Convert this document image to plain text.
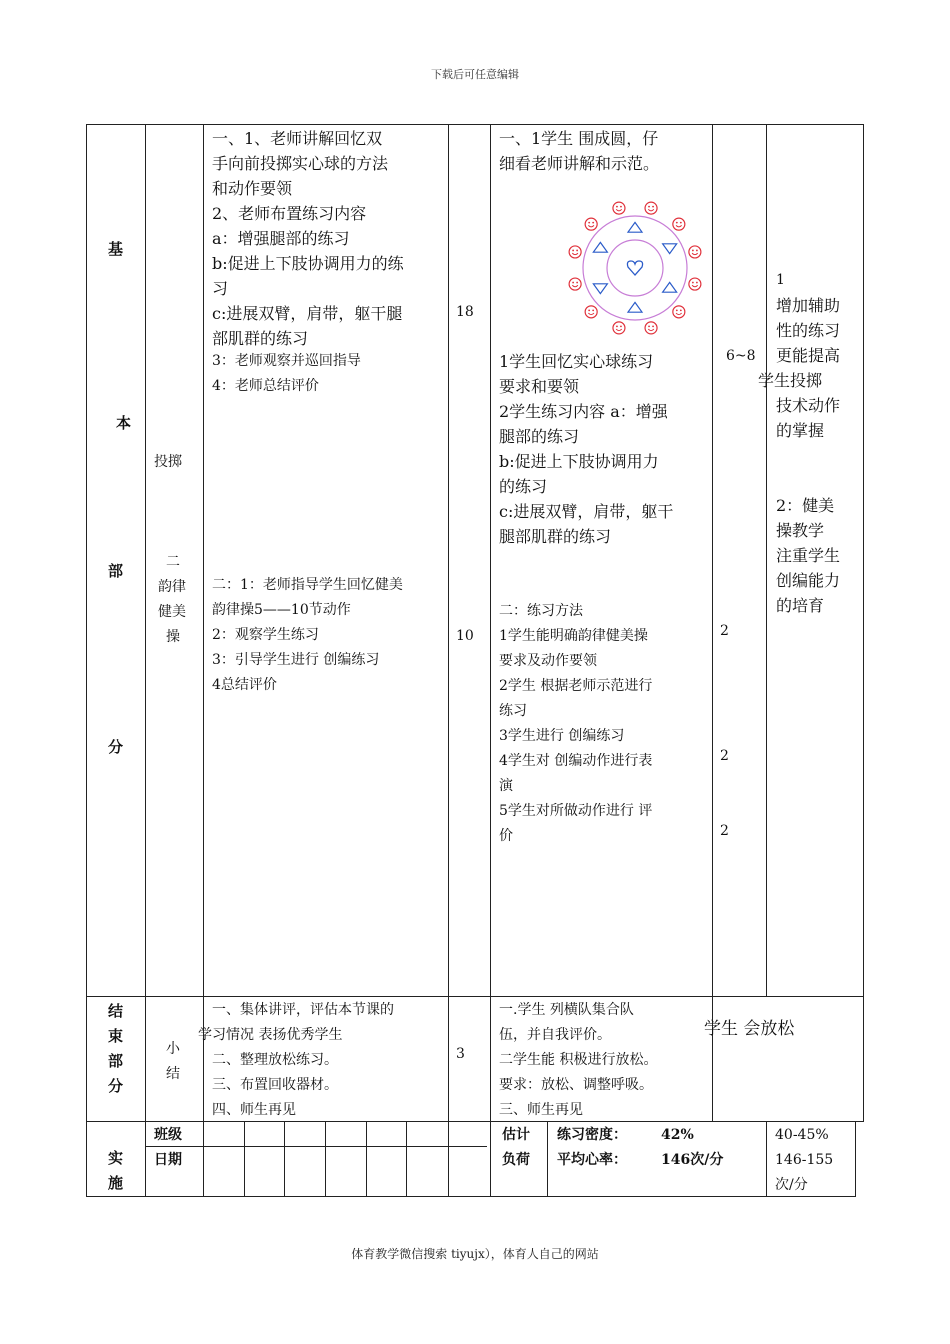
下载后可任意编辑
基
本
部
分
投掷
二
韵律
健美
操
一、1、老师讲解回忆双
手向前投掷实心球的方法
和动作要领
2、老师布置练习内容
a：增强腿部的练习
b:促进上下肢协调用力的练
习
c:进展双臂，肩带，躯干腿
部肌群的练习
3：老师观察并巡回指导
4：老师总结评价
二：1：老师指导学生回忆健美
韵律操5——10节动作
2：观察学生练习
3：引导学生进行 创编练习
4总结评价
18
10
一、1学生 围成圆，仔
细看老师讲解和示范。
1学生回忆实心球练习
要求和要领
2学生练习内容 a：增强
腿部的练习
b:促进上下肢协调用力
的练习
c:进展双臂，肩带，躯干
腿部肌群的练习
二：练习方法
1学生能明确韵律健美操
要求及动作要领
2学生 根据老师示范进行
练习
3学生进行 创编练习
4学生对 创编动作进行表
演
5学生对所做动作进行 评
价
6~8
2
2
2
1
增加辅助
性的练习
更能提高
学生投掷
技术动作
的掌握
2：健美
操教学
注重学生
创编能力
的培育
结
束
部
分
小
结
一、集体讲评，评估本节课的
学习情况 表扬优秀学生
二、整理放松练习。
三、布置回收器材。
四、师生再见
3
一.学生 列横队集合队
伍，并自我评价。
二学生能 积极进行放松。
要求：放松、调整呼吸。
三、师生再见
学生 会放松
实
施
班级
日期
估计
负荷
练习密度： 42%
平均心率： 146次/分
40-45%
146-155
次/分
体育教学微信搜索 tiyujx），体育人自己的网站
